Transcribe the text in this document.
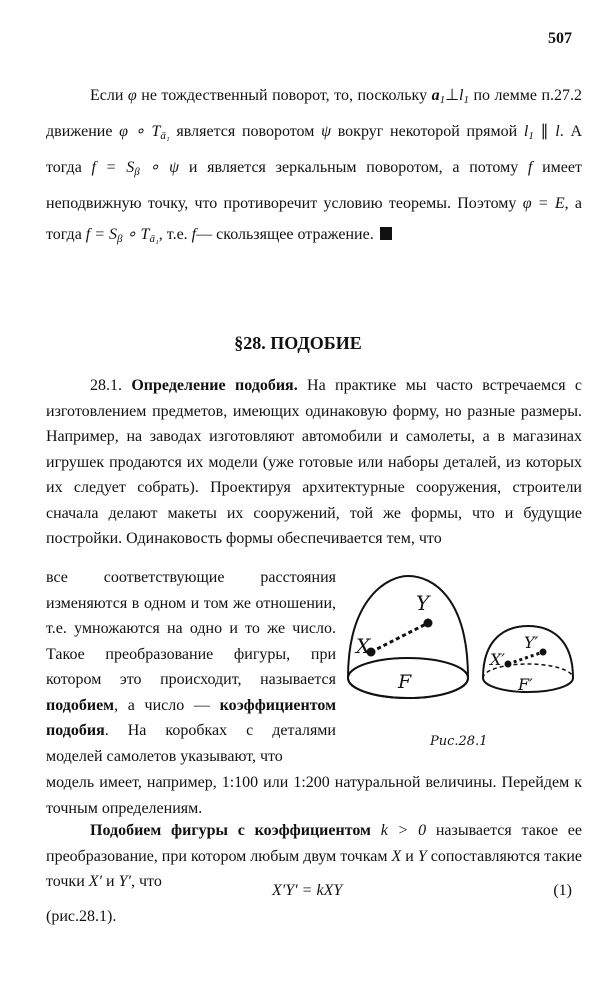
507
Если φ не тождественный поворот, то, поскольку $a_1\perp l_1$ по лемме п.27.2 движение φ ∘ $T_{ā_1}$ является поворотом ψ вокруг некоторой прямой $l_1$ ∥ l. А тогда $f = S_\beta$ ∘ ψ и является зеркальным поворотом, а потому f имеет неподвижную точку, что противоречит условию теоремы. Поэтому φ = E, а тогда $f = S_\beta$ ∘ $T_{ā_1}$, т.е. f— скользящее отражение.
§28. ПОДОБИЕ
28.1. Определение подобия. На практике мы часто встречаемся с изготовлением предметов, имеющих одинаковую форму, но разные размеры. Например, на заводах изготовляют автомобили и самолеты, а в магазинах игрушек продаются их модели (уже готовые или наборы деталей, из которых их следует собрать). Проектируя архитектурные сооружения, строители сначала делают макеты их сооружений, той же формы, что и будущие постройки. Одинаковость формы обеспечивается тем, что
все соответствующие расстояния изменяются в одном и том же отношении, т.е. умножаются на одно и то же число. Такое преобразование фигуры, при котором это происходит, называется подобием, а число — коэффициентом подобия. На коробках с деталями моделей самолетов указывают, что
X
Y
F
X′
Y′
F′
Рис.28.1
модель имеет, например, 1:100 или 1:200 натуральной величины. Перейдем к точным определениям.
Подобием фигуры с коэффициентом k > 0 называется такое ее преобразование, при котором любым двум точкам X и Y сопоставляются такие точки X′ и Y′, что
X′Y′ = kXY	(1)
(рис.28.1).
